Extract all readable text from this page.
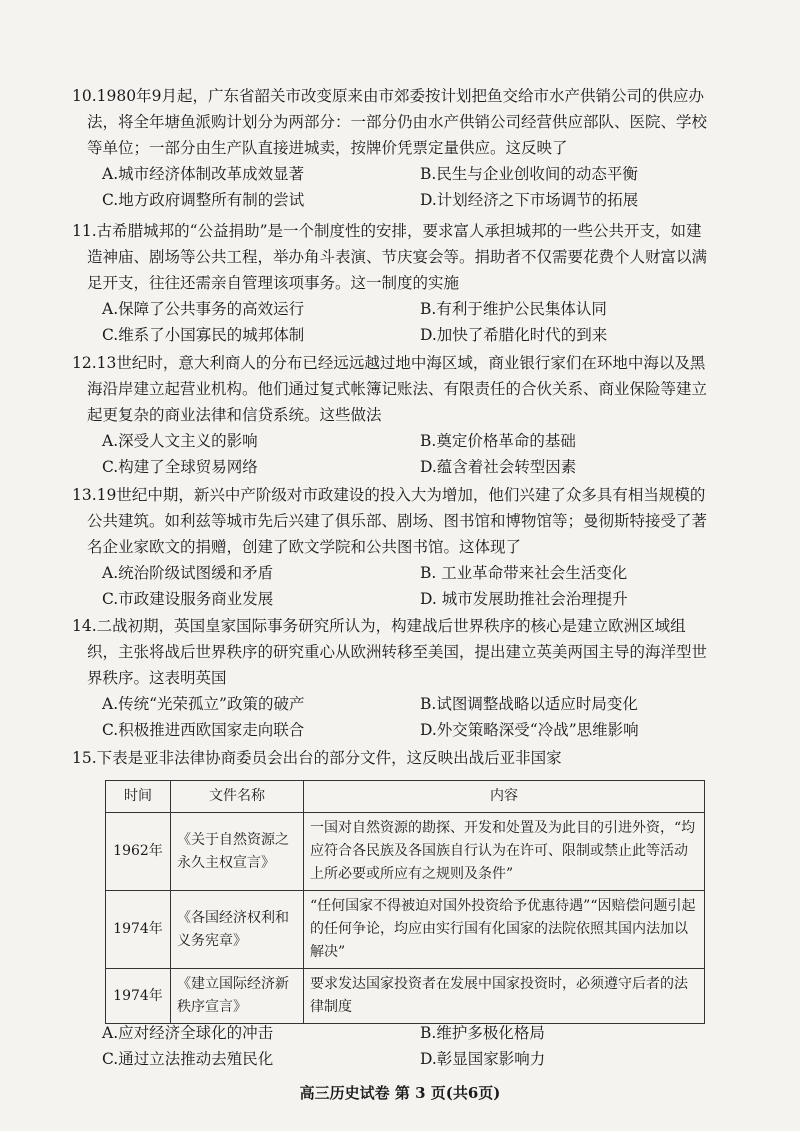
10.1980年9月起，广东省韶关市改变原来由市郊委按计划把鱼交给市水产供销公司的供应办法，将全年塘鱼派购计划分为两部分：一部分仍由水产供销公司经营供应部队、医院、学校等单位；一部分由生产队直接进城卖，按牌价凭票定量供应。这反映了
A.城市经济体制改革成效显著	B.民生与企业创收间的动态平衡
C.地方政府调整所有制的尝试	D.计划经济之下市场调节的拓展
11.古希腊城邦的“公益捐助”是一个制度性的安排，要求富人承担城邦的一些公共开支，如建造神庙、剧场等公共工程，举办角斗表演、节庆宴会等。捐助者不仅需要花费个人财富以满足开支，往往还需亲自管理该项事务。这一制度的实施
A.保障了公共事务的高效运行	B.有利于维护公民集体认同
C.维系了小国寡民的城邦体制	D.加快了希腊化时代的到来
12.13世纪时，意大利商人的分布已经远远越过地中海区域，商业银行家们在环地中海以及黑海沿岸建立起营业机构。他们通过复式帐簿记账法、有限责任的合伙关系、商业保险等建立起更复杂的商业法律和信贷系统。这些做法
A.深受人文主义的影响	B.奠定价格革命的基础
C.构建了全球贸易网络	D.蕴含着社会转型因素
13.19世纪中期，新兴中产阶级对市政建设的投入大为增加，他们兴建了众多具有相当规模的公共建筑。如利兹等城市先后兴建了俱乐部、剧场、图书馆和博物馆等；曼彻斯特接受了著名企业家欧文的捐赠，创建了欧文学院和公共图书馆。这体现了
A.统治阶级试图缓和矛盾	B. 工业革命带来社会生活变化
C.市政建设服务商业发展	D. 城市发展助推社会治理提升
14.二战初期，英国皇家国际事务研究所认为，构建战后世界秩序的核心是建立欧洲区域组织，主张将战后世界秩序的研究重心从欧洲转移至美国，提出建立英美两国主导的海洋型世界秩序。这表明英国
A.传统“光荣孤立”政策的破产	B.试图调整战略以适应时局变化
C.积极推进西欧国家走向联合	D.外交策略深受“冷战”思维影响
15.下表是亚非法律协商委员会出台的部分文件，这反映出战后亚非国家
时间	文件名称	内容
1962年	《关于自然资源之永久主权宣言》	一国对自然资源的勘探、开发和处置及为此目的引进外资，“均应符合各民族及各国族自行认为在许可、限制或禁止此等活动上所必要或所应有之规则及条件”
1974年	《各国经济权利和义务宪章》	“任何国家不得被迫对国外投资给予优惠待遇”“因赔偿问题引起的任何争论，均应由实行国有化国家的法院依照其国内法加以解决”
1974年	《建立国际经济新秩序宣言》	要求发达国家投资者在发展中国家投资时，必须遵守后者的法律制度
A.应对经济全球化的冲击	B.维护多极化格局
C.通过立法推动去殖民化	D.彰显国家影响力
高三历史试卷 第 3 页(共6页)
